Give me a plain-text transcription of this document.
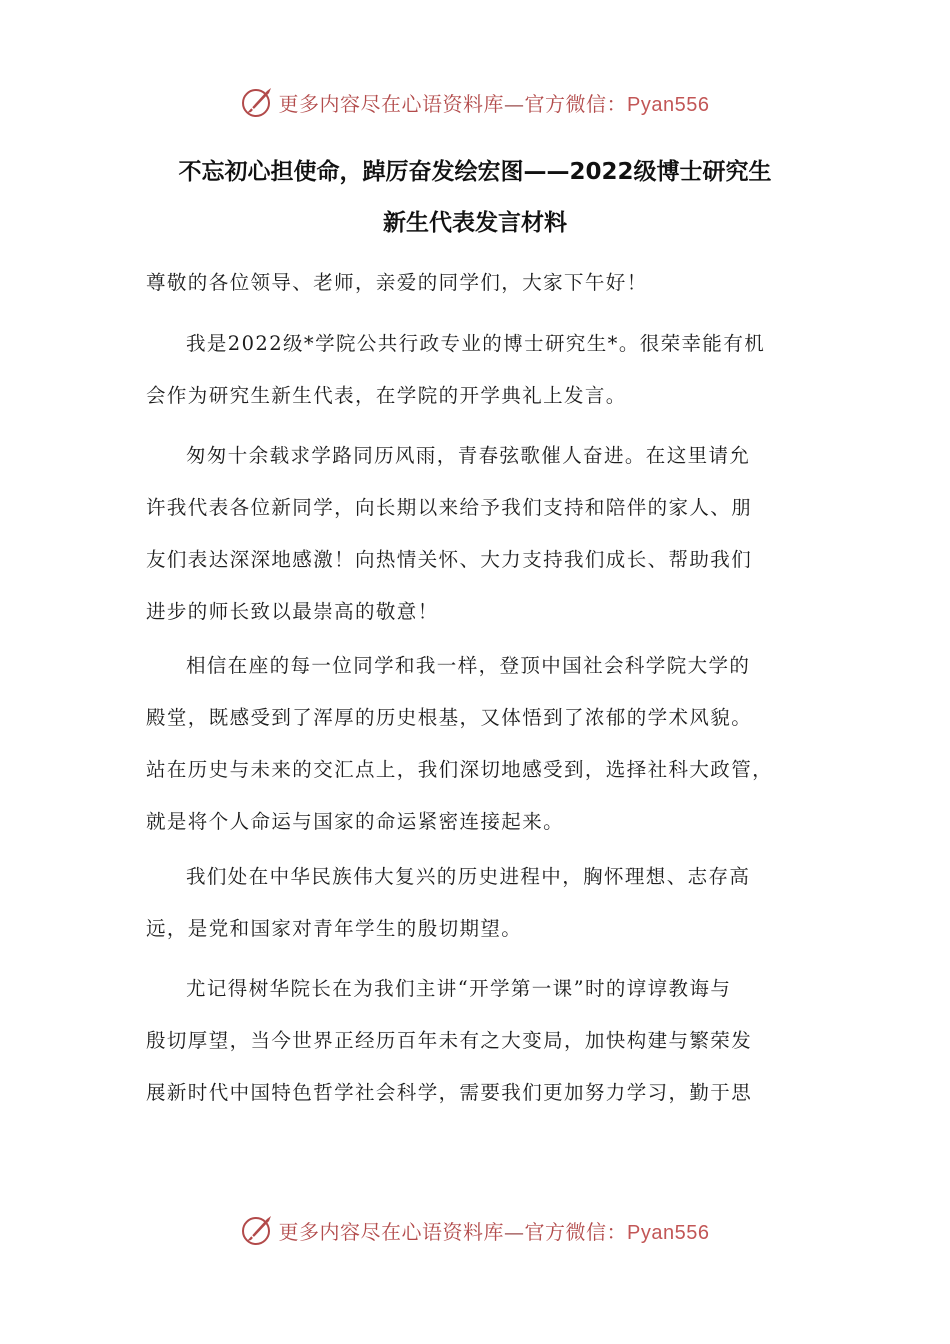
更多内容尽在心语资料库—官方微信：Pyan556
不忘初心担使命，踔厉奋发绘宏图——2022级博士研究生
新生代表发言材料
尊敬的各位领导、老师，亲爱的同学们，大家下午好！
我是2022级*学院公共行政专业的博士研究生*。很荣幸能有机
会作为研究生新生代表，在学院的开学典礼上发言。
匆匆十余载求学路同历风雨，青春弦歌催人奋进。在这里请允
许我代表各位新同学，向长期以来给予我们支持和陪伴的家人、朋
友们表达深深地感激！向热情关怀、大力支持我们成长、帮助我们
进步的师长致以最崇高的敬意！
相信在座的每一位同学和我一样，登顶中国社会科学院大学的
殿堂，既感受到了浑厚的历史根基，又体悟到了浓郁的学术风貌。
站在历史与未来的交汇点上，我们深切地感受到，选择社科大政管，
就是将个人命运与国家的命运紧密连接起来。
我们处在中华民族伟大复兴的历史进程中，胸怀理想、志存高
远，是党和国家对青年学生的殷切期望。
尤记得树华院长在为我们主讲“开学第一课”时的谆谆教诲与
殷切厚望，当今世界正经历百年未有之大变局，加快构建与繁荣发
展新时代中国特色哲学社会科学，需要我们更加努力学习，勤于思
更多内容尽在心语资料库—官方微信：Pyan556
